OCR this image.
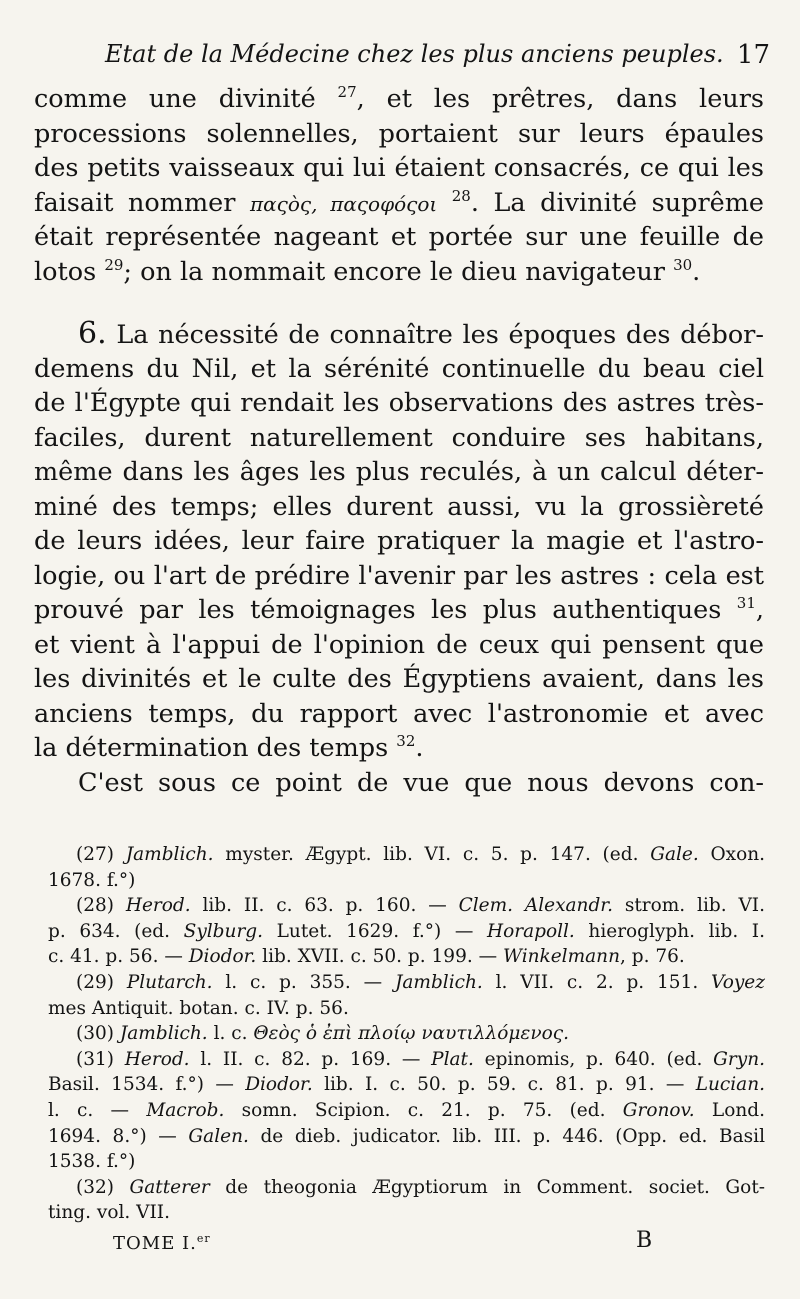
Etat de la Médecine chez les plus anciens peuples. 17
comme une divinité $^{27}$, et les prêtres, dans leurs
processions solennelles, portaient sur leurs épaules
des petits vaisseaux qui lui étaient consacrés, ce qui les
faisait nommer παςὸς, παςοφόςοι $^{28}$. La divinité suprême
était représentée nageant et portée sur une feuille de
lotos $^{29}$; on la nommait encore le dieu navigateur $^{30}$.
6. La nécessité de connaître les époques des débor-
demens du Nil, et la sérénité continuelle du beau ciel
de l'Égypte qui rendait les observations des astres très-
faciles, durent naturellement conduire ses habitans,
même dans les âges les plus reculés, à un calcul déter-
miné des temps; elles durent aussi, vu la grossièreté
de leurs idées, leur faire pratiquer la magie et l'astro-
logie, ou l'art de prédire l'avenir par les astres : cela est
prouvé par les témoignages les plus authentiques $^{31}$,
et vient à l'appui de l'opinion de ceux qui pensent que
les divinités et le culte des Égyptiens avaient, dans les
anciens temps, du rapport avec l'astronomie et avec
la détermination des temps $^{32}$.
C'est sous ce point de vue que nous devons con-
(27) Jamblich. myster. Ægypt. lib. VI. c. 5. p. 147. (ed. Gale. Oxon.
1678. f.°)
(28) Herod. lib. II. c. 63. p. 160. — Clem. Alexandr. strom. lib. VI.
p. 634. (ed. Sylburg. Lutet. 1629. f.°) — Horapoll. hieroglyph. lib. I.
c. 41. p. 56. — Diodor. lib. XVII. c. 50. p. 199. — Winkelmann, p. 76.
(29) Plutarch. l. c. p. 355. — Jamblich. l. VII. c. 2. p. 151. Voyez
mes Antiquit. botan. c. IV. p. 56.
(30) Jamblich. l. c. Θεὸς ὁ ἐπὶ πλοίῳ ναυτιλλόμενος.
(31) Herod. l. II. c. 82. p. 169. — Plat. epinomis, p. 640. (ed. Gryn.
Basil. 1534. f.°) — Diodor. lib. I. c. 50. p. 59. c. 81. p. 91. — Lucian.
l. c. — Macrob. somn. Scipion. c. 21. p. 75. (ed. Gronov. Lond.
1694. 8.°) — Galen. de dieb. judicator. lib. III. p. 446. (Opp. ed. Basil
1538. f.°)
(32) Gatterer de theogonia Ægyptiorum in Comment. societ. Got-
ting. vol. VII.
TOME I.$^{er}$	B
